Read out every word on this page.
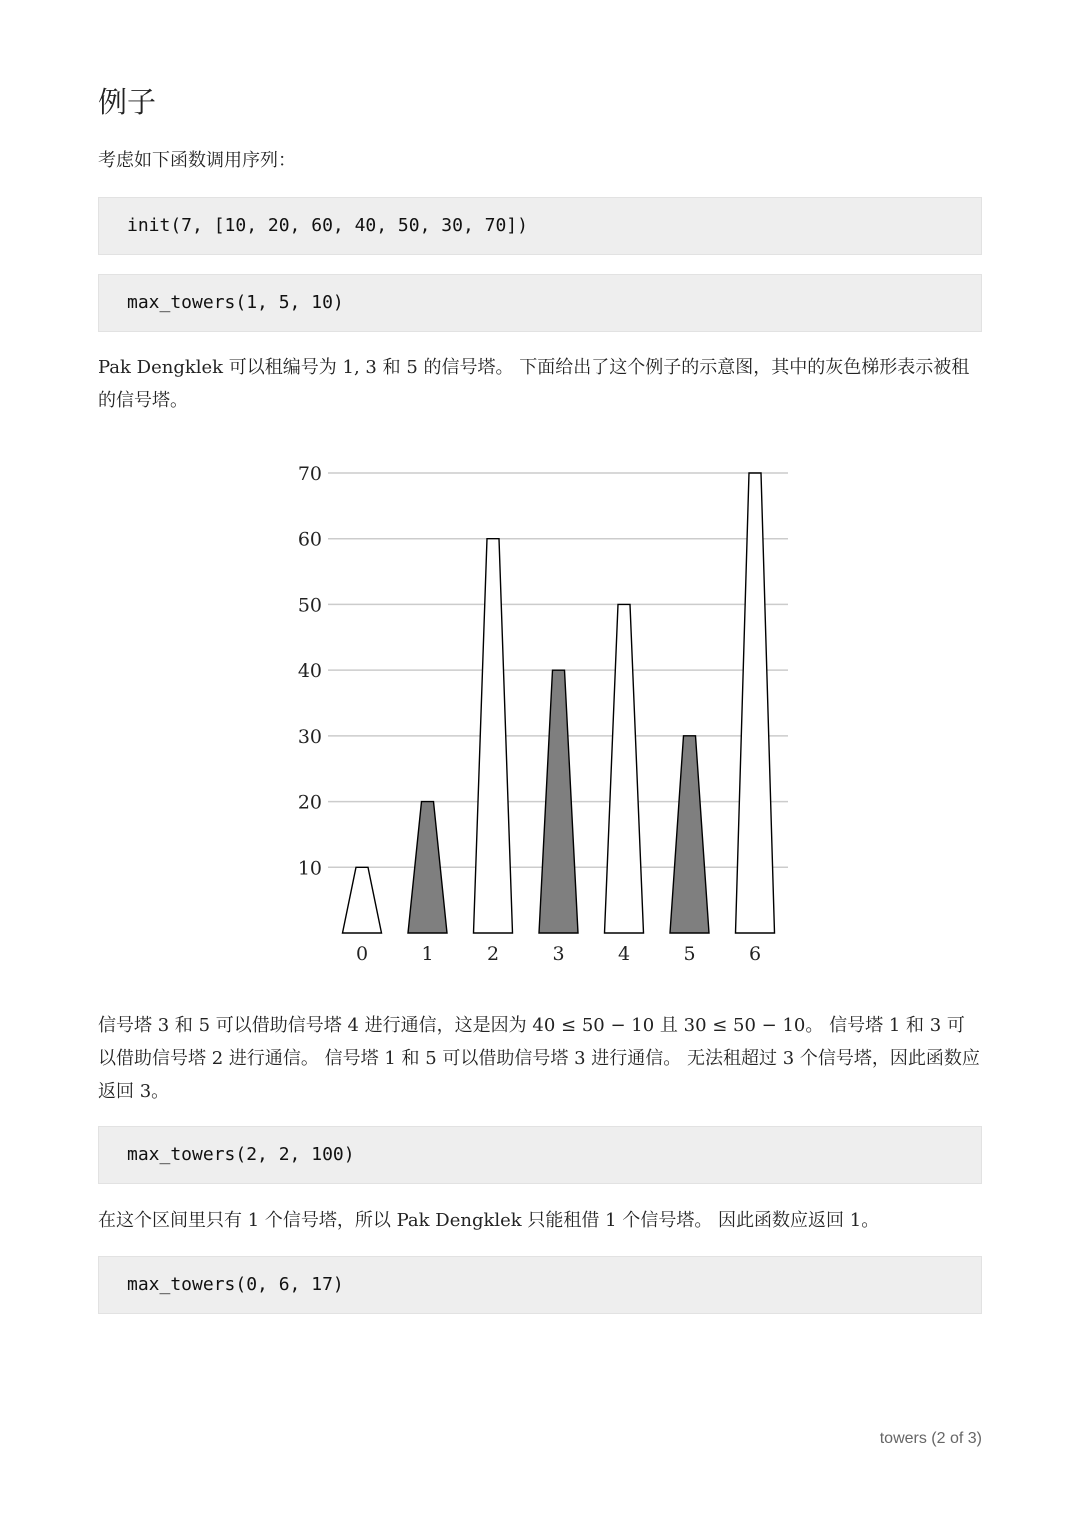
例子

考虑如下函数调用序列：

init(7, [10, 20, 60, 40, 50, 30, 70])
max_towers(1, 5, 10)

Pak Dengklek 可以租编号为 1, 3 和 5 的信号塔。 下面给出了这个例子的示意图，其中的灰色梯形表示被租的信号塔。

10
20
30
40
50
60
70
0	1	2	3	4	5	6

信号塔 3 和 5 可以借助信号塔 4 进行通信，这是因为 40 ≤ 50 − 10 且 30 ≤ 50 − 10。 信号塔 1 和 3 可以借助信号塔 2 进行通信。 信号塔 1 和 5 可以借助信号塔 3 进行通信。 无法租超过 3 个信号塔，因此函数应返回 3。

max_towers(2, 2, 100)

在这个区间里只有 1 个信号塔，所以 Pak Dengklek 只能租借 1 个信号塔。 因此函数应返回 1。

max_towers(0, 6, 17)
towers (2 of 3)
